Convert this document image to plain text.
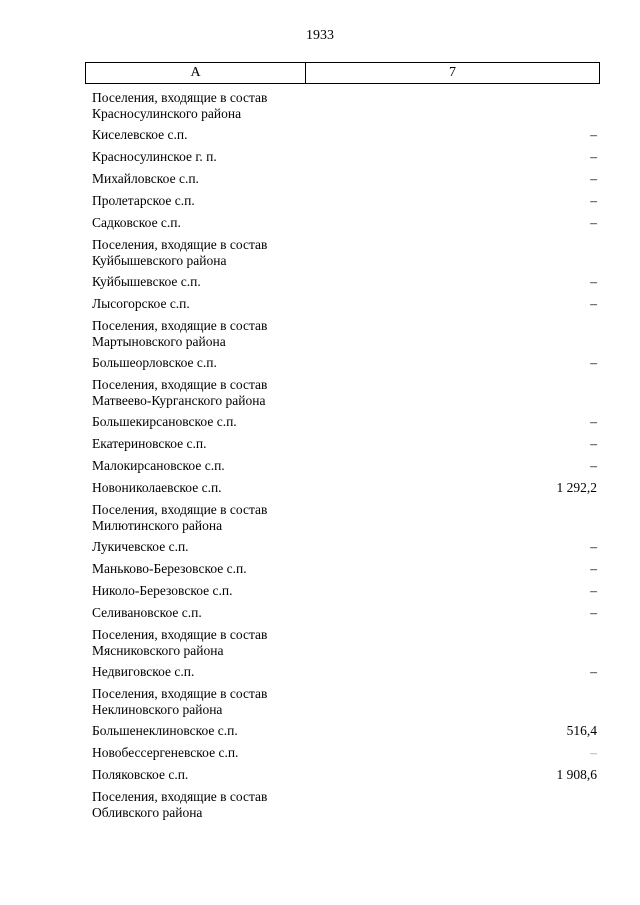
1933
А	7
Поселения, входящие в состав Красносулинского района
Киселевское с.п.	–
Красносулинское г. п.	–
Михайловское с.п.	–
Пролетарское с.п.	–
Садковское с.п.	–
Поселения, входящие в состав Куйбышевского района
Куйбышевское с.п.	–
Лысогорское с.п.	–
Поселения, входящие в состав Мартыновского района
Большеорловское с.п.	–
Поселения, входящие в состав Матвеево-Курганского района
Большекирсановское с.п.	–
Екатериновское с.п.	–
Малокирсановское с.п.	–
Новониколаевское с.п.	1 292,2
Поселения, входящие в состав Милютинского района
Лукичевское с.п.	–
Маньково-Березовское с.п.	–
Николо-Березовское с.п.	–
Селивановское с.п.	–
Поселения, входящие в состав Мясниковского района
Недвиговское с.п.	–
Поселения, входящие в состав Неклиновского района
Большенеклиновское с.п.	516,4
Новобессергеневское с.п.	–
Поляковское с.п.	1 908,6
Поселения, входящие в состав Обливского района
